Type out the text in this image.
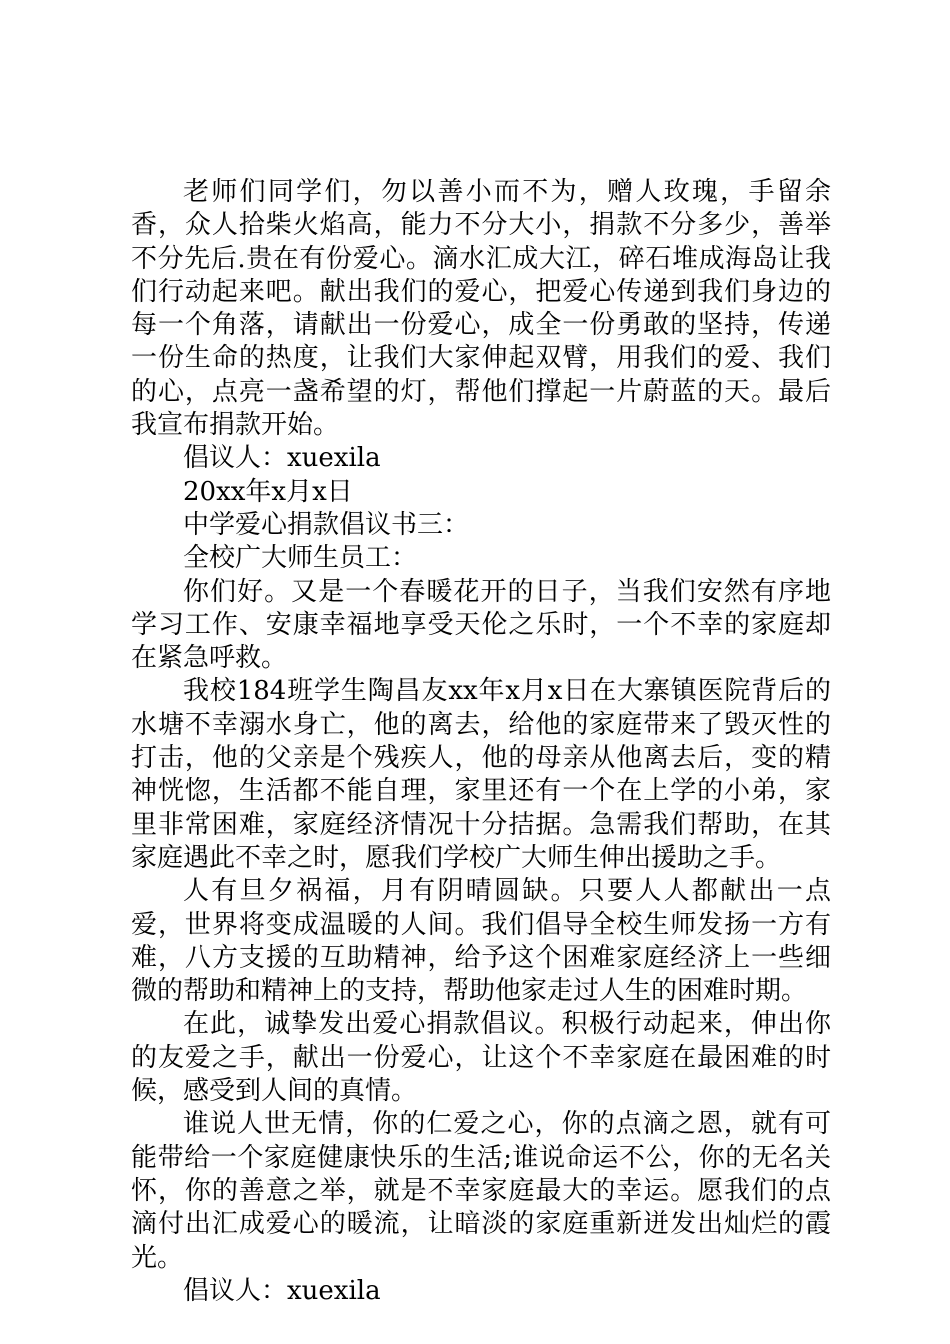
老师们同学们，勿以善小而不为，赠人玫瑰，手留余香，众人拾柴火焰高，能力不分大小，捐款不分多少，善举不分先后.贵在有份爱心。滴水汇成大江，碎石堆成海岛让我们行动起来吧。献出我们的爱心，把爱心传递到我们身边的每一个角落，请献出一份爱心，成全一份勇敢的坚持，传递一份生命的热度，让我们大家伸起双臂，用我们的爱、我们的心，点亮一盏希望的灯，帮他们撑起一片蔚蓝的天。最后我宣布捐款开始。

倡议人：xuexila

20xx年x月x日

中学爱心捐款倡议书三：

全校广大师生员工：

你们好。又是一个春暖花开的日子，当我们安然有序地学习工作、安康幸福地享受天伦之乐时，一个不幸的家庭却在紧急呼救。

我校184班学生陶昌友xx年x月x日在大寨镇医院背后的水塘不幸溺水身亡，他的离去，给他的家庭带来了毁灭性的打击，他的父亲是个残疾人，他的母亲从他离去后，变的精神恍惚，生活都不能自理，家里还有一个在上学的小弟，家里非常困难，家庭经济情况十分拮据。急需我们帮助，在其家庭遇此不幸之时，愿我们学校广大师生伸出援助之手。

人有旦夕祸福，月有阴晴圆缺。只要人人都献出一点爱，世界将变成温暖的人间。我们倡导全校生师发扬一方有难，八方支援的互助精神，给予这个困难家庭经济上一些细微的帮助和精神上的支持，帮助他家走过人生的困难时期。

在此，诚挚发出爱心捐款倡议。积极行动起来，伸出你的友爱之手，献出一份爱心，让这个不幸家庭在最困难的时候，感受到人间的真情。

谁说人世无情，你的仁爱之心，你的点滴之恩，就有可能带给一个家庭健康快乐的生活;谁说命运不公，你的无名关怀，你的善意之举，就是不幸家庭最大的幸运。愿我们的点滴付出汇成爱心的暖流，让暗淡的家庭重新迸发出灿烂的霞光。

倡议人：xuexila
